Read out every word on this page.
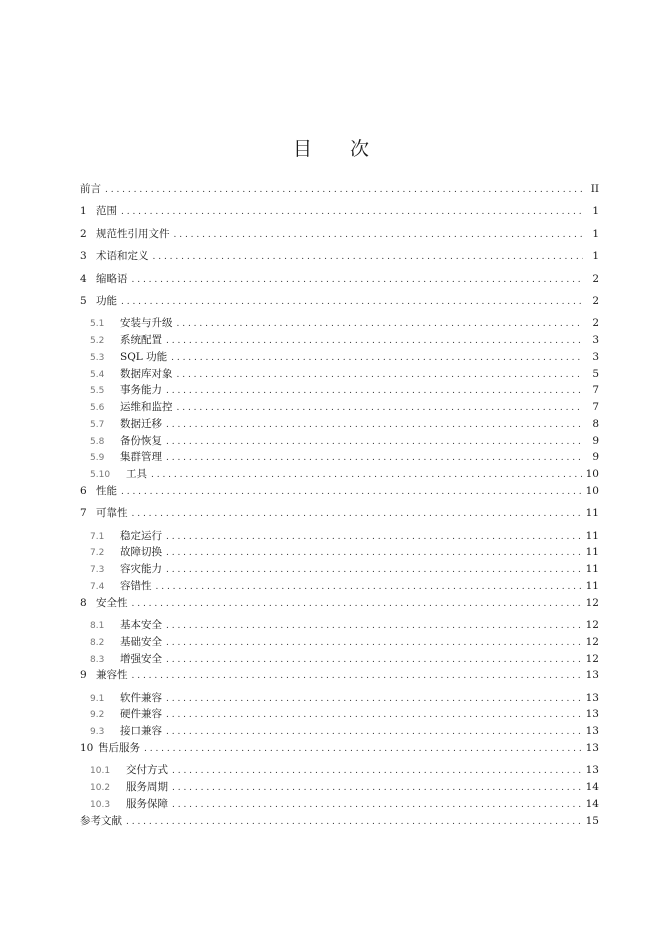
目　　次
前言 . . .	II
1 范围 . . .	1
2 规范性引用文件 . . .	1
3 术语和定义 . . .	1
4 缩略语 . . .	2
5 功能 . . .	2
5.1	安装与升级 . . .	2
5.2	系统配置 . . .	3
5.3	SQL 功能 . . .	3
5.4	数据库对象 . . .	5
5.5	事务能力 . . .	7
5.6	运维和监控 . . .	7
5.7	数据迁移 . . .	8
5.8	备份恢复 . . .	9
5.9	集群管理 . . .	9
5.10	工具 . . .	10
6 性能 . . .	10
7 可靠性 . . .	11
7.1	稳定运行 . . .	11
7.2	故障切换 . . .	11
7.3	容灾能力 . . .	11
7.4	容错性 . . .	11
8 安全性 . . .	12
8.1	基本安全 . . .	12
8.2	基础安全 . . .	12
8.3	增强安全 . . .	12
9 兼容性 . . .	13
9.1	软件兼容 . . .	13
9.2	硬件兼容 . . .	13
9.3	接口兼容 . . .	13
10 售后服务 . . .	13
10.1	交付方式 . . .	13
10.2	服务周期 . . .	14
10.3	服务保障 . . .	14
参考文献 . . .	15
